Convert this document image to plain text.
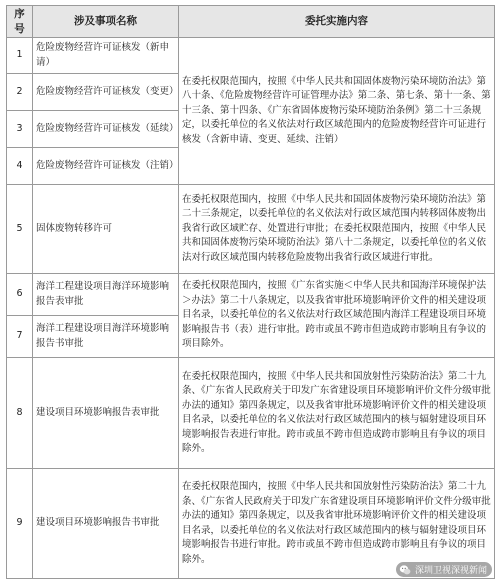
序号	涉及事项名称	委托实施内容
1	危险废物经营许可证核发（新申请）	在委托权限范围内，按照《中华人民共和国固体废物污染环境防治法》第八十条、《危险废物经营许可证管理办法》第二条、第七条、第十一条、第十三条、第十四条、《广东省固体废物污染环境防治条例》第二十三条规定，以委托单位的名义依法对行政区域范围内的危险废物经营许可证进行核发（含新申请、变更、延续、注销）
2	危险废物经营许可证核发（变更）	
3	危险废物经营许可证核发（延续）	
4	危险废物经营许可证核发（注销）	
5	固体废物转移许可	在委托权限范围内，按照《中华人民共和国固体废物污染环境防治法》第二十三条规定，以委托单位的名义依法对行政区域范围内转移固体废物出我省行政区域贮存、处置进行审批；在委托权限范围内，按照《中华人民共和国固体废物污染环境防治法》第八十二条规定，以委托单位的名义依法对行政区域范围内转移危险废物出我省行政区域进行审批。
6	海洋工程建设项目海洋环境影响报告表审批	在委托权限范围内，按照《广东省实施＜中华人民共和国海洋环境保护法＞办法》第二十八条规定，以及我省审批环境影响评价文件的相关建设项目名录，以委托单位的名义依法对行政区域范围内海洋工程建设项目环境影响报告书（表）进行审批。跨市或虽不跨市但造成跨市影响且有争议的项目除外。
7	海洋工程建设项目海洋环境影响报告书审批	
8	建设项目环境影响报告表审批	在委托权限范围内，按照《中华人民共和国放射性污染防治法》第二十九条、《广东省人民政府关于印发广东省建设项目环境影响评价文件分级审批办法的通知》第四条规定，以及我省审批环境影响评价文件的相关建设项目名录，以委托单位的名义依法对行政区域范围内的核与辐射建设项目环境影响报告表进行审批。跨市或虽不跨市但造成跨市影响且有争议的项目除外。
9	建设项目环境影响报告书审批	在委托权限范围内，按照《中华人民共和国放射性污染防治法》第二十九条、《广东省人民政府关于印发广东省建设项目环境影响评价文件分级审批办法的通知》第四条规定，以及我省审批环境影响评价文件的相关建设项目名录，以委托单位的名义依法对行政区域范围内的核与辐射建设项目环境影响报告书进行审批。跨市或虽不跨市但造成跨市影响且有争议的项目除外。
深圳卫视深视新闻
